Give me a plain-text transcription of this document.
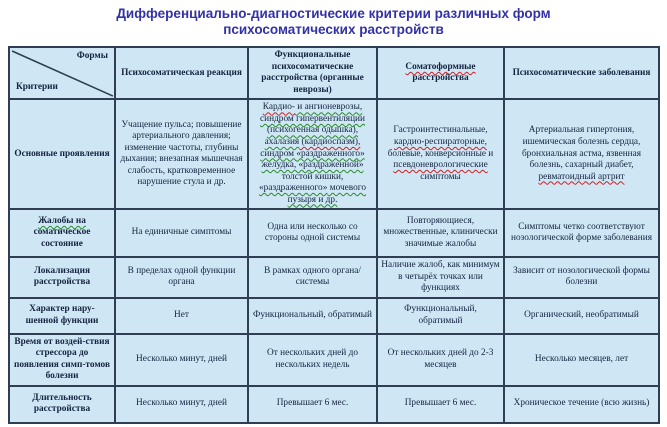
Дифференциально-диагностические критерии различных форм
психосоматических расстройств
Формы
Критерии	Психосоматическая реакция	Функциональные психосоматические расстройства (органные неврозы)	Соматоформные расстройства	Психосоматические заболевания
Основные проявления	Учащение пульса; повышение артериального давления; изменение частоты, глубины дыхания; внезапная мышечная слабость, кратковременное нарушение стула и др.	Кардио- и ангионеврозы, синдром гипервентиляции (психогенная одышка), ахалазия (кардиоспазм), синдром «раздраженного» желудка, «раздраженной» толстой кишки, «раздраженного» мочевого пузыря и др.	Гастроинтестинальные, кардио-респираторные, болевые, конверсионные и псевдоневрологические симптомы	Артериальная гипертония, ишемическая болезнь сердца, бронхиальная астма, язвенная болезнь, сахарный диабет, ревматоидный артрит
Жалобы на соматическое состояние	На единичные симптомы	Одна или несколько со стороны одной системы	Повторяющиеся, множественные, клинически значимые жалобы	Симптомы четко соответствуют нозологической форме заболевания
Локализация расстройства	В пределах одной функции органа	В рамках одного органа/системы	Наличие жалоб, как минимум в четырёх точках или функциях	Зависит от нозологической формы болезни
Характер нару-шенной функции	Нет	Функциональный, обратимый	Функциональный, обратимый	Органический, необратимый
Время от воздей-ствия стрессора до появления симп-томов болезни	Несколько минут, дней	От нескольких дней до нескольких недель	От нескольких дней до 2-3 месяцев	Несколько месяцев, лет
Длительность расстройства	Несколько минут, дней	Превышает 6 мес.	Превышает 6 мес.	Хроническое течение (всю жизнь)
